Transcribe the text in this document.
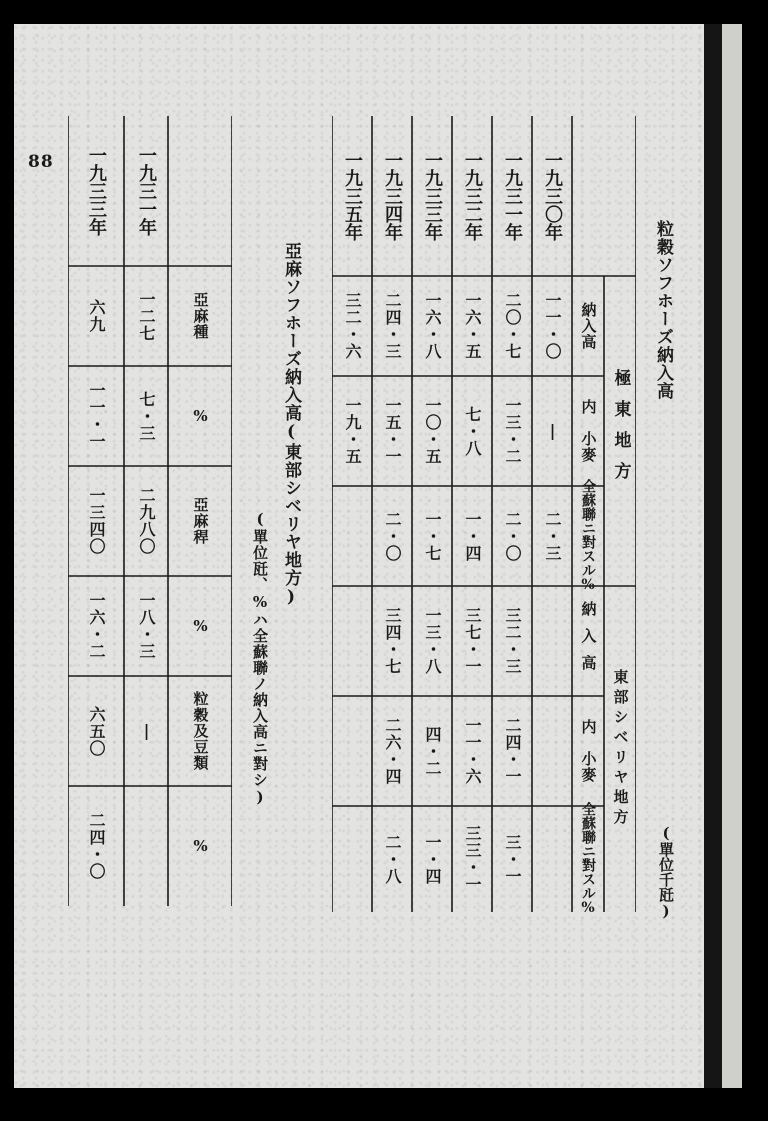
88
亞麻ソフホーズ納入高(東部シベリヤ地方)
(單位瓩、%ハ全蘇聯ノ納入高ニ對シ)
一九三三年 一九三一年
亞麻種
%
亞麻稈
%
粒穀及豆類
%
一二七
七・三
二九八〇
一八・三
|
六九
一一・一
一三四〇
一六・二
六五〇
二四・〇
粒穀ソフホーズ納入高
(單位千瓩)
一九三〇年
一九三一年
一九三二年
一九三三年
一九三四年
一九三五年
極東地方
東部シベリヤ地方
納入高
内
小麥
全蘇聯ニ對スル%
納入高
内
小麥
全蘇聯ニ對スル%
一一・〇
|
二・三
二〇・七
一三・二
二・〇
三二・三
二四・一
三・一
一六・五
七・八
一・四
三七・一
一一・六
三三・一
一六・八
一〇・五
一・七
一三・八
四・二
一・四
二四・三
一五・一
二・〇
三四・七
二六・四
二・八
三二・六
一九・五
